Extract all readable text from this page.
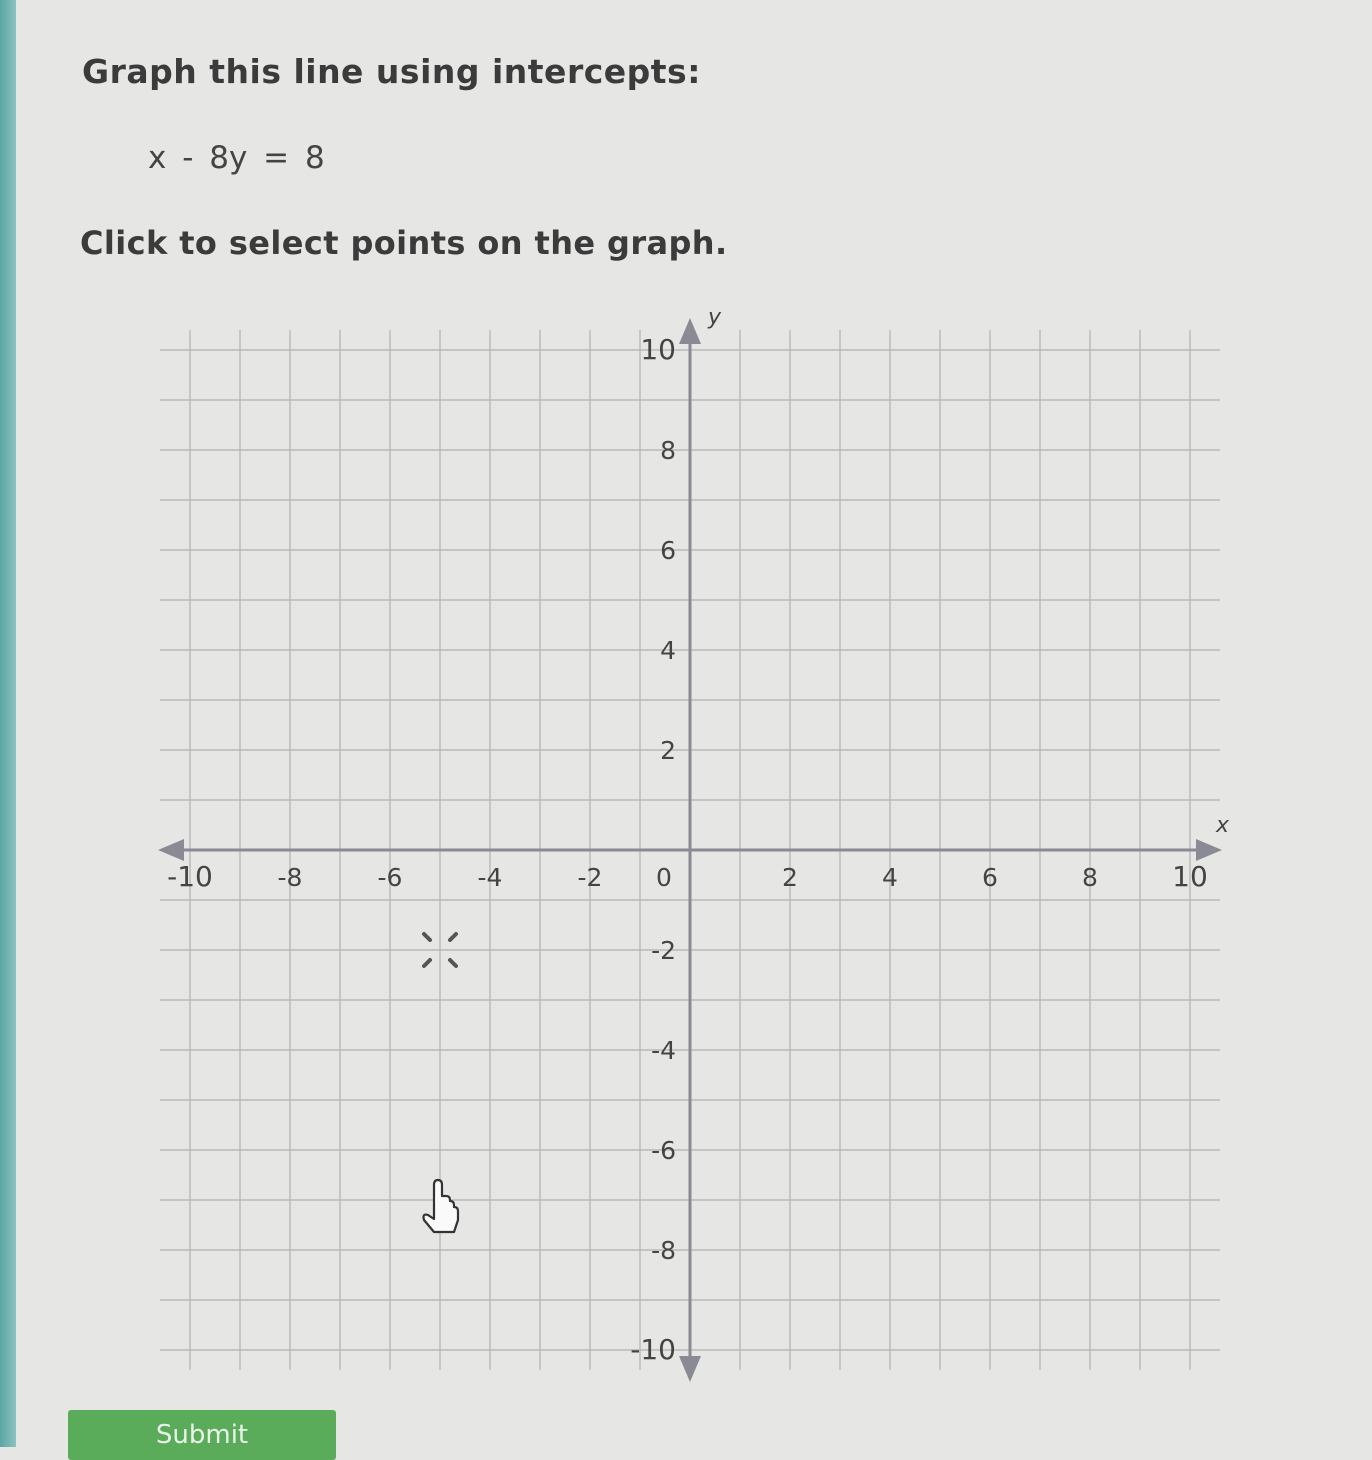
Graph this line using intercepts:
x - 8y = 8
Click to select points on the graph.
x
y
-10	-8	-6	-4	-2 0	2	4	6	8	10
10
8
6
4
2
-2
-4
-6
-8
-10
Submit
